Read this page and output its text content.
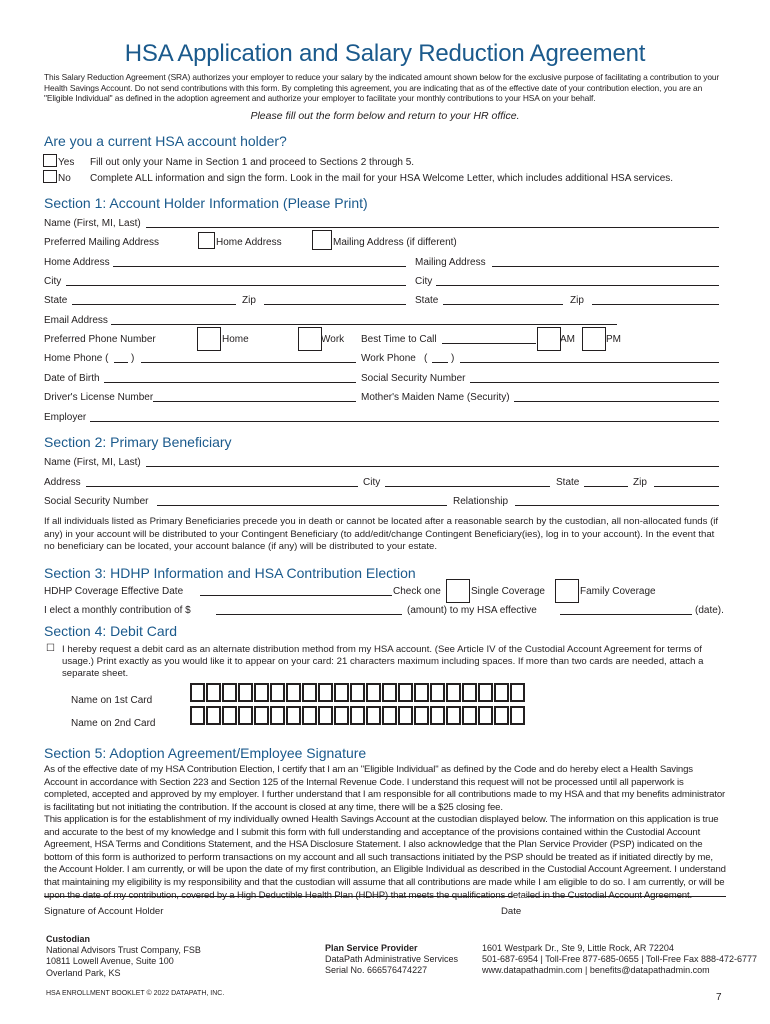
HSA Application and Salary Reduction Agreement
This Salary Reduction Agreement (SRA) authorizes your employer to reduce your salary by the indicated amount shown below for the exclusive purpose of facilitating a contribution to your Health Savings Account. Do not send contributions with this form. By completing this agreement, you are indicating that as of the effective date of your contribution election, you are an "Eligible Individual" as defined in the adoption agreement and authorize your employer to facilitate your monthly contributions to your HSA on your behalf.
Please fill out the form below and return to your HR office.
Are you a current HSA account holder?
Yes Fill out only your Name in Section 1 and proceed to Sections 2 through 5.
No Complete ALL information and sign the form. Look in the mail for your HSA Welcome Letter, which includes additional HSA services.
Section 1: Account Holder Information (Please Print)
Name (First, MI, Last)
Preferred Mailing Address	Home Address	Mailing Address (if different)
Home Address	Mailing Address
City	City
State	Zip	State	Zip
Email Address
Preferred Phone Number	Home	Work Best Time to Call	AM	PM
Home Phone ( )	Work Phone ( )
Date of Birth	Social Security Number
Driver's License Number	Mother's Maiden Name (Security)
Employer
Section 2: Primary Beneficiary
Name (First, MI, Last)
Address	City	State	Zip
Social Security Number	Relationship
If all individuals listed as Primary Beneficiaries precede you in death or cannot be located after a reasonable search by the custodian, all non-allocated funds (if any) in your account will be distributed to your Contingent Beneficiary (to add/edit/change Contingent Beneficiary(ies), log in to your account). In the event that no beneficiary can be located, your account balance (if any) will be distributed to your estate.
Section 3: HDHP Information and HSA Contribution Election
HDHP Coverage Effective Date	Check one	Single Coverage	Family Coverage
I elect a monthly contribution of $	(amount) to my HSA effective	(date).
Section 4: Debit Card
☐ I hereby request a debit card as an alternate distribution method from my HSA account. (See Article IV of the Custodial Account Agreement for terms of usage.) Print exactly as you would like it to appear on your card: 21 characters maximum including spaces. If more than two cards are needed, attach a separate sheet.
Name on 1st Card
Name on 2nd Card
Section 5: Adoption Agreement/Employee Signature
As of the effective date of my HSA Contribution Election, I certify that I am an "Eligible Individual" as defined by the Code and do hereby elect a Health Savings Account in accordance with Section 223 and Section 125 of the Internal Revenue Code. I understand this request will not be processed until all paperwork is completed, accepted and approved by my employer. I further understand that I am responsible for all contributions made to my HSA and that my benefits administrator is facilitating but not initiating the contribution. If the account is closed at any time, there will be a $25 closing fee.
This application is for the establishment of my individually owned Health Savings Account at the custodian displayed below. The information on this application is true and accurate to the best of my knowledge and I submit this form with full understanding and acceptance of the provisions contained within the Custodial Account Agreement, HSA Terms and Conditions Statement, and the HSA Disclosure Statement. I also acknowledge that the Plan Service Provider (PSP) indicated on the bottom of this form is authorized to perform transactions on my account and all such transactions initiated by the PSP should be treated as if initiated directly by me, the Account Holder. I am currently, or will be upon the date of my first contribution, an Eligible Individual as described in the Custodial Account Agreement. I understand that maintaining my eligibility is my responsibility and that the custodian will assume that all contributions are made while I am eligible to do so. I am currently, or will be upon the date of my contribution, covered by a High Deductible Health Plan (HDHP) that meets the qualifications detailed in the Custodial Account Agreement.
Signature of Account Holder	Date
Custodian
National Advisors Trust Company, FSB
10811 Lowell Avenue, Suite 100
Overland Park, KS
Plan Service Provider
DataPath Administrative Services
Serial No. 666576474227
1601 Westpark Dr., Ste 9, Little Rock, AR 72204
501-687-6954 | Toll-Free 877-685-0655 | Toll-Free Fax 888-472-6777
www.datapathadmin.com | benefits@datapathadmin.com
HSA ENROLLMENT BOOKLET © 2022 DATAPATH, INC.	7
